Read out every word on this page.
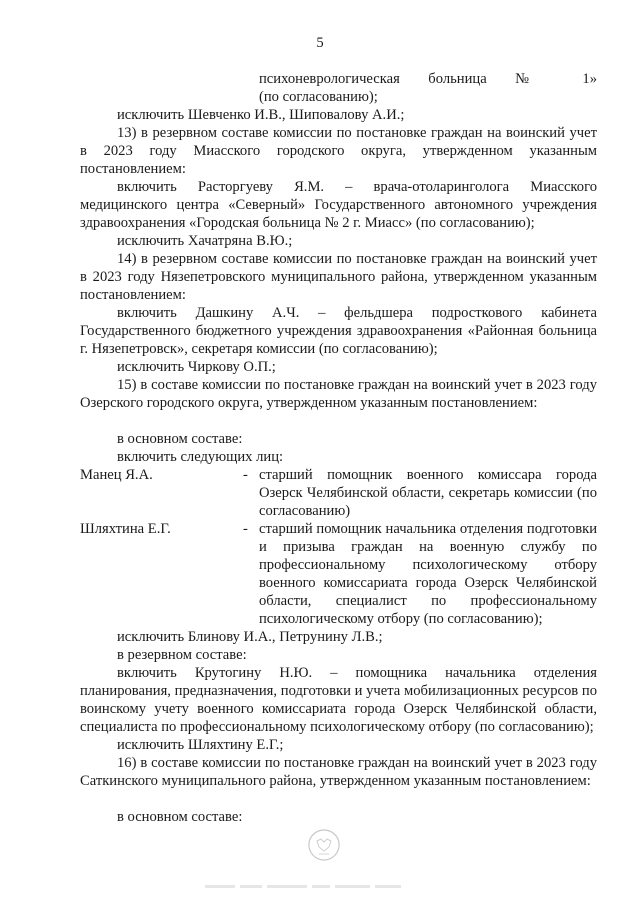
5

психоневрологическая больница № 1»

(по согласованию);

исключить Шевченко И.В., Шиповалову А.И.;

13) в резервном составе комиссии по постановке граждан на воинский учет в 2023 году Миасского городского округа, утвержденном указанным постановлением:

включить Расторгуеву Я.М. – врача-отоларинголога Миасского медицинского центра «Северный» Государственного автономного учреждения здравоохранения «Городская больница № 2 г. Миасс» (по согласованию);

исключить Хачатряна В.Ю.;

14) в резервном составе комиссии по постановке граждан на воинский учет в 2023 году Нязепетровского муниципального района, утвержденном указанным постановлением:

включить Дашкину А.Ч. – фельдшера подросткового кабинета Государственного бюджетного учреждения здравоохранения «Районная больница г. Нязепетровск», секретаря комиссии (по согласованию);

исключить Чиркову О.П.;

15) в составе комиссии по постановке граждан на воинский учет в 2023 году Озерского городского округа, утвержденном указанным постановлением:

в основном составе:

включить следующих лиц:

Манец Я.А.	- старший помощник военного комиссара города Озерск Челябинской области, секретарь комиссии (по согласованию)

Шляхтина Е.Г.	- старший помощник начальника отделения подготовки и призыва граждан на военную службу по профессиональному психологическому отбору военного комиссариата города Озерск Челябинской области, специалист по профессиональному психологическому отбору (по согласованию);

исключить Блинову И.А., Петрунину Л.В.;

в резервном составе:

включить Крутогину Н.Ю. – помощника начальника отделения планирования, предназначения, подготовки и учета мобилизационных ресурсов по воинскому учету военного комиссариата города Озерск Челябинской области, специалиста по профессиональному психологическому отбору (по согласованию);

исключить Шляхтину Е.Г.;

16) в составе комиссии по постановке граждан на воинский учет в 2023 году Саткинского муниципального района, утвержденном указанным постановлением:

в основном составе:
